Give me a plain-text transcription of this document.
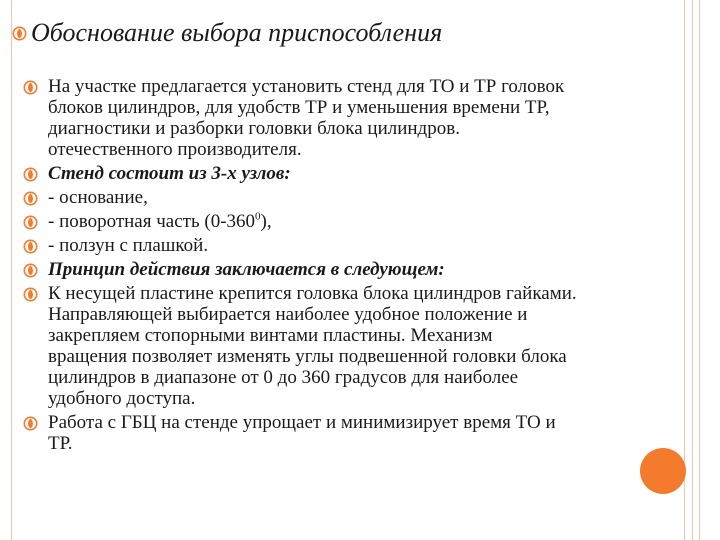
Обоснование выбора приспособления
На участке предлагается установить стенд для ТО и ТР головок
блоков цилиндров, для удобств ТР и уменьшения времени ТР,
диагностики и разборки головки блока цилиндров.
отечественного производителя.
Стенд состоит из 3-х узлов:
- основание,
- поворотная часть $(0-360^0)$,
- ползун с плашкой.
Принцип действия заключается в следующем:
К несущей пластине крепится головка блока цилиндров гайками.
Направляющей выбирается наиболее удобное положение и
закрепляем стопорными винтами пластины. Механизм
вращения позволяет изменять углы подвешенной головки блока
цилиндров в диапазоне от 0 до 360 градусов для наиболее
удобного доступа.
Работа с ГБЦ на стенде упрощает и минимизирует время ТО и
ТР.
